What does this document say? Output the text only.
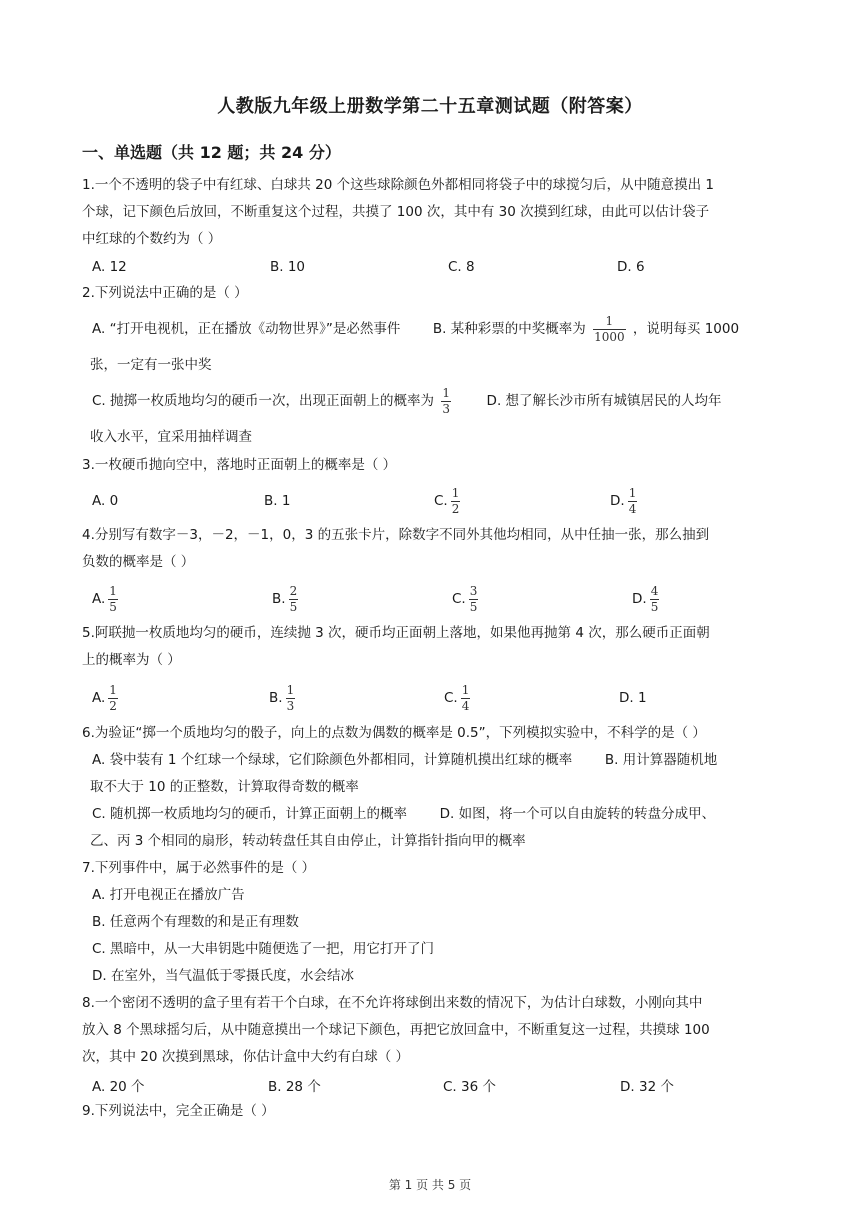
人教版九年级上册数学第二十五章测试题（附答案）
一、单选题（共 12 题；共 24 分）
1.一个不透明的袋子中有红球、白球共 20 个这些球除颜色外都相同将袋子中的球搅匀后，从中随意摸出 1
个球，记下颜色后放回，不断重复这个过程，共摸了 100 次，其中有 30 次摸到红球，由此可以估计袋子
中红球的个数约为（ ）
A. 12	B. 10	C. 8	D. 6
2.下列说法中正确的是（ ）
A. “打开电视机，正在播放《动物世界》”是必然事件 B. 某种彩票的中奖概率为 $\frac{1}{1000}$ ，说明每买 1000
张，一定有一张中奖
C. 抛掷一枚质地均匀的硬币一次，出现正面朝上的概率为 $\frac{1}{3}$	D. 想了解长沙市所有城镇居民的人均年
收入水平，宜采用抽样调查
3.一枚硬币抛向空中，落地时正面朝上的概率是（ ）
A. 0	B. 1	C. $\frac{1}{2}$	D. $\frac{1}{4}$
4.分别写有数字－3，－2，－1，0，3 的五张卡片，除数字不同外其他均相同，从中任抽一张，那么抽到
负数的概率是（ ）
A. $\frac{1}{5}$	B. $\frac{2}{5}$	C. $\frac{3}{5}$	D. $\frac{4}{5}$
5.阿联抛一枚质地均匀的硬币，连续抛 3 次，硬币均正面朝上落地，如果他再抛第 4 次，那么硬币正面朝
上的概率为（ ）
A. $\frac{1}{2}$	B. $\frac{1}{3}$	C. $\frac{1}{4}$	D. 1
6.为验证“掷一个质地均匀的骰子，向上的点数为偶数的概率是 0.5”，下列模拟实验中，不科学的是（ ）
A. 袋中装有 1 个红球一个绿球，它们除颜色外都相同，计算随机摸出红球的概率 B. 用计算器随机地
取不大于 10 的正整数，计算取得奇数的概率
C. 随机掷一枚质地均匀的硬币，计算正面朝上的概率 D. 如图，将一个可以自由旋转的转盘分成甲、
乙、丙 3 个相同的扇形，转动转盘任其自由停止，计算指针指向甲的概率
7.下列事件中，属于必然事件的是（ ）
A. 打开电视正在播放广告
B. 任意两个有理数的和是正有理数
C. 黑暗中，从一大串钥匙中随便选了一把，用它打开了门
D. 在室外，当气温低于零摄氏度，水会结冰
8.一个密闭不透明的盒子里有若干个白球，在不允许将球倒出来数的情况下，为估计白球数，小刚向其中
放入 8 个黑球摇匀后，从中随意摸出一个球记下颜色，再把它放回盒中，不断重复这一过程，共摸球 100
次，其中 20 次摸到黑球，你估计盒中大约有白球（ ）
A. 20 个	B. 28 个	C. 36 个	D. 32 个
9.下列说法中，完全正确是（ ）
第 1 页 共 5 页
